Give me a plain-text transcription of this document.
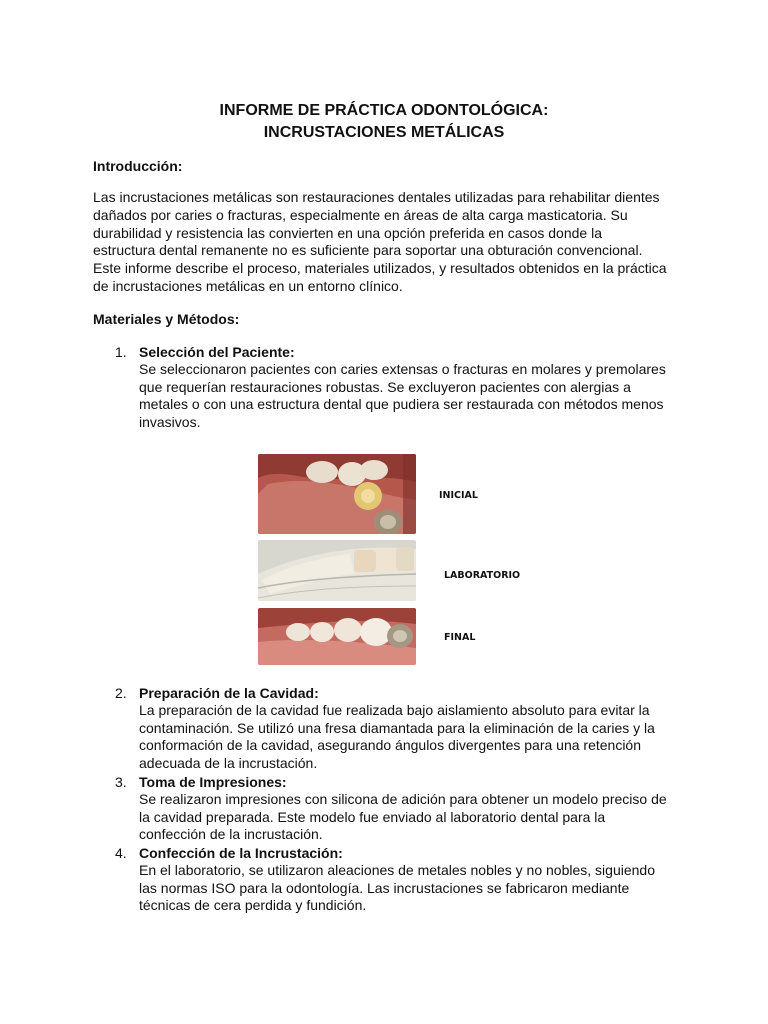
INFORME DE PRÁCTICA ODONTOLÓGICA:
INCRUSTACIONES METÁLICAS
Introducción:
Las incrustaciones metálicas son restauraciones dentales utilizadas para rehabilitar dientes
dañados por caries o fracturas, especialmente en áreas de alta carga masticatoria. Su
durabilidad y resistencia las convierten en una opción preferida en casos donde la
estructura dental remanente no es suficiente para soportar una obturación convencional.
Este informe describe el proceso, materiales utilizados, y resultados obtenidos en la práctica
de incrustaciones metálicas en un entorno clínico.
Materiales y Métodos:
1. Selección del Paciente:
Se seleccionaron pacientes con caries extensas o fracturas en molares y premolares
que requerían restauraciones robustas. Se excluyeron pacientes con alergias a
metales o con una estructura dental que pudiera ser restaurada con métodos menos
invasivos.
INICIAL
LABORATORIO
FINAL
2. Preparación de la Cavidad:
La preparación de la cavidad fue realizada bajo aislamiento absoluto para evitar la
contaminación. Se utilizó una fresa diamantada para la eliminación de la caries y la
conformación de la cavidad, asegurando ángulos divergentes para una retención
adecuada de la incrustación.
3. Toma de Impresiones:
Se realizaron impresiones con silicona de adición para obtener un modelo preciso de
la cavidad preparada. Este modelo fue enviado al laboratorio dental para la
confección de la incrustación.
4. Confección de la Incrustación:
En el laboratorio, se utilizaron aleaciones de metales nobles y no nobles, siguiendo
las normas ISO para la odontología. Las incrustaciones se fabricaron mediante
técnicas de cera perdida y fundición.
